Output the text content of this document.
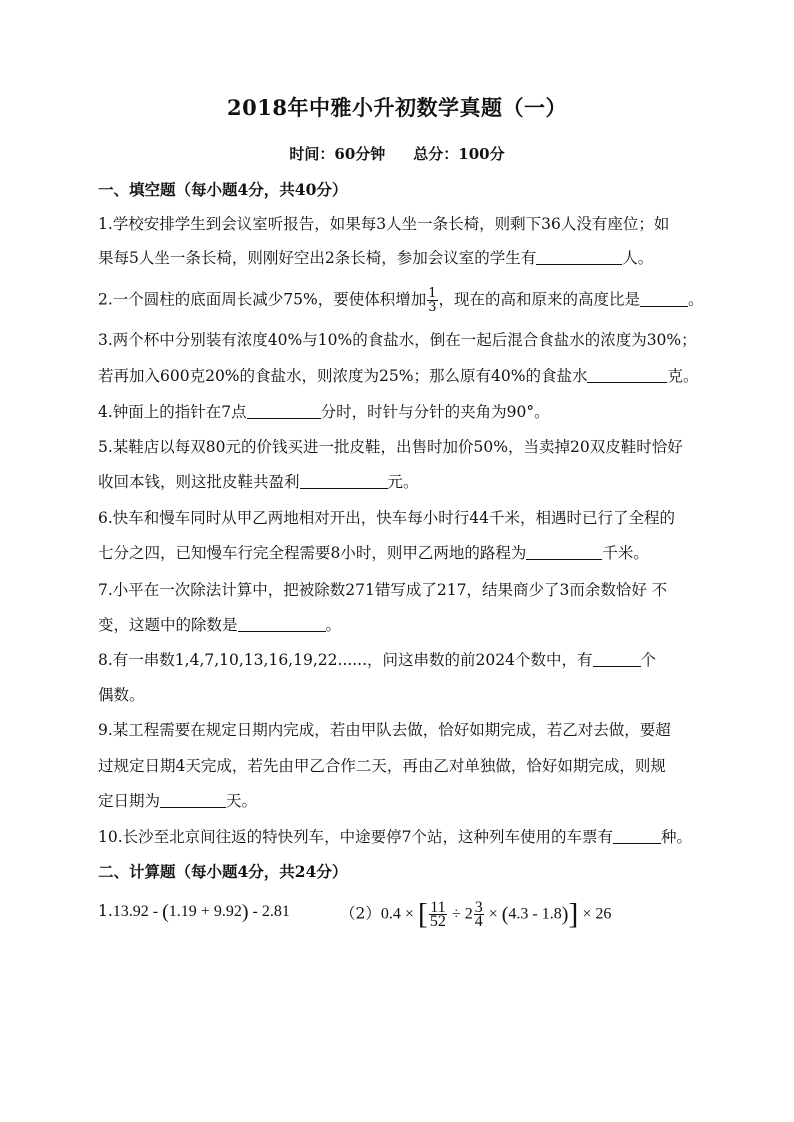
2018年中雅小升初数学真题（一）
时间：60分钟 总分：100分
一、填空题（每小题4分，共40分）
1.学校安排学生到会议室听报告，如果每3人坐一条长椅，则剩下36人没有座位；如
果每5人坐一条长椅，则刚好空出2条长椅，参加会议室的学生有	人。
2.一个圆柱的底面周长减少75%，要使体积增加 $\frac{1}{3}$ ，现在的高和原来的高度比是	。
3.两个杯中分别装有浓度40%与10%的食盐水，倒在一起后混合食盐水的浓度为30%；
若再加入600克20%的食盐水，则浓度为25%；那么原有40%的食盐水	克。
4.钟面上的指针在7点	分时，时针与分针的夹角为90°。
5.某鞋店以每双80元的价钱买进一批皮鞋，出售时加价50%，当卖掉20双皮鞋时恰好
收回本钱，则这批皮鞋共盈利	元。
6.快车和慢车同时从甲乙两地相对开出，快车每小时行44千米，相遇时已行了全程的
七分之四，已知慢车行完全程需要8小时，则甲乙两地的路程为	千米。
7.小平在一次除法计算中，把被除数271错写成了217，结果商少了3而余数恰好 不
变，这题中的除数是	。
8.有一串数1,4,7,10,13,16,19,22......，问这串数的前2024个数中，有	个
偶数。
9.某工程需要在规定日期内完成，若由甲队去做，恰好如期完成，若乙对去做，要超
过规定日期4天完成，若先由甲乙合作二天，再由乙对单独做，恰好如期完成，则规
定日期为	天。
10.长沙至北京间往返的特快列车，中途要停7个站，这种列车使用的车票有	种。
二、计算题（每小题4分，共24分）
1.13.92 - (1.19 + 9.92) - 2.81	（2）0.4 × [ $\frac{11}{52} \div 2 \frac{3}{4} \times (4.3 - 1.8)] \times 26$
